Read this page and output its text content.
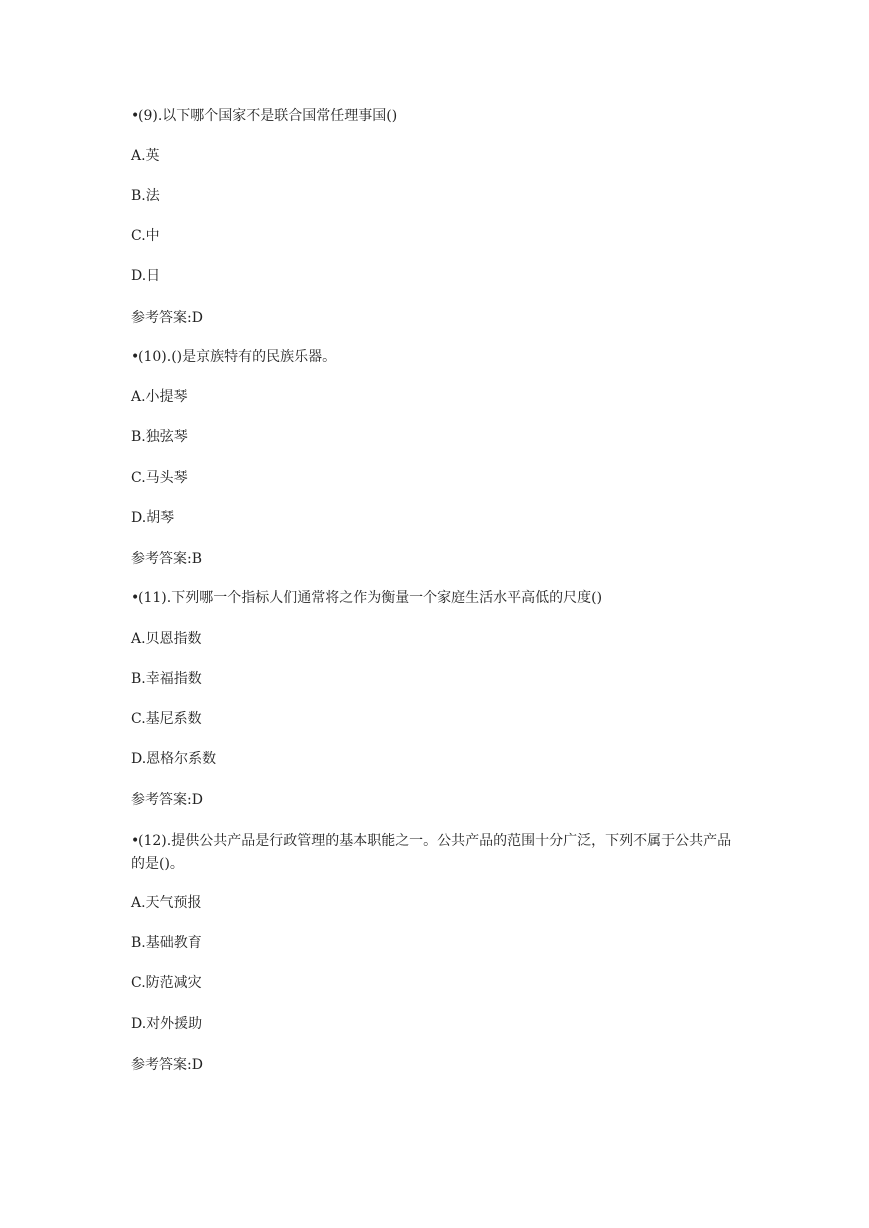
•(9).以下哪个国家不是联合国常任理事国()
A.英
B.法
C.中
D.日
参考答案:D
•(10).()是京族特有的民族乐器。
A.小提琴
B.独弦琴
C.马头琴
D.胡琴
参考答案:B
•(11).下列哪一个指标人们通常将之作为衡量一个家庭生活水平高低的尺度()
A.贝恩指数
B.幸福指数
C.基尼系数
D.恩格尔系数
参考答案:D
•(12).提供公共产品是行政管理的基本职能之一。公共产品的范围十分广泛，下列不属于公共产品的是()。
A.天气预报
B.基础教育
C.防范减灾
D.对外援助
参考答案:D
